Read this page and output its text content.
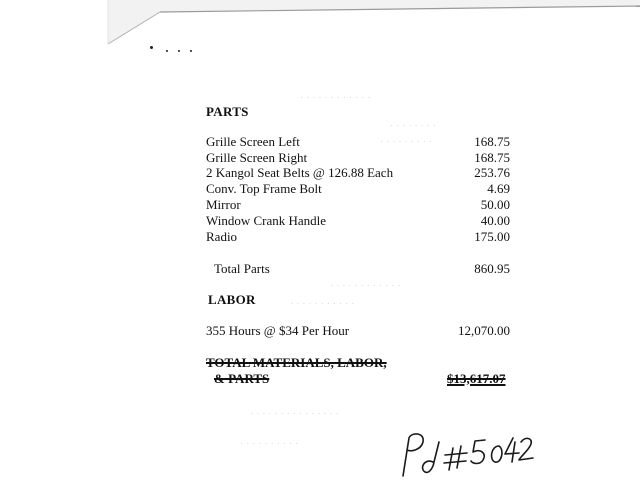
· · · · · · · · · · · ·
· · · · · · · ·
· · · · · · · · ·
· · · · · · · · · · · ·
· · · · · · · · · · ·
· · · · · · · · · · · · · · ·
· · · · · · · · · ·
PARTS
Grille Screen Left	168.75
Grille Screen Right	168.75
2 Kangol Seat Belts @ 126.88 Each	253.76
Conv. Top Frame Bolt	4.69
Mirror	50.00
Window Crank Handle	40.00
Radio	175.00
Total Parts	860.95
LABOR
355 Hours @ $34 Per Hour	12,070.00
TOTAL MATERIALS, LABOR,
& PARTS	$13,617.07
